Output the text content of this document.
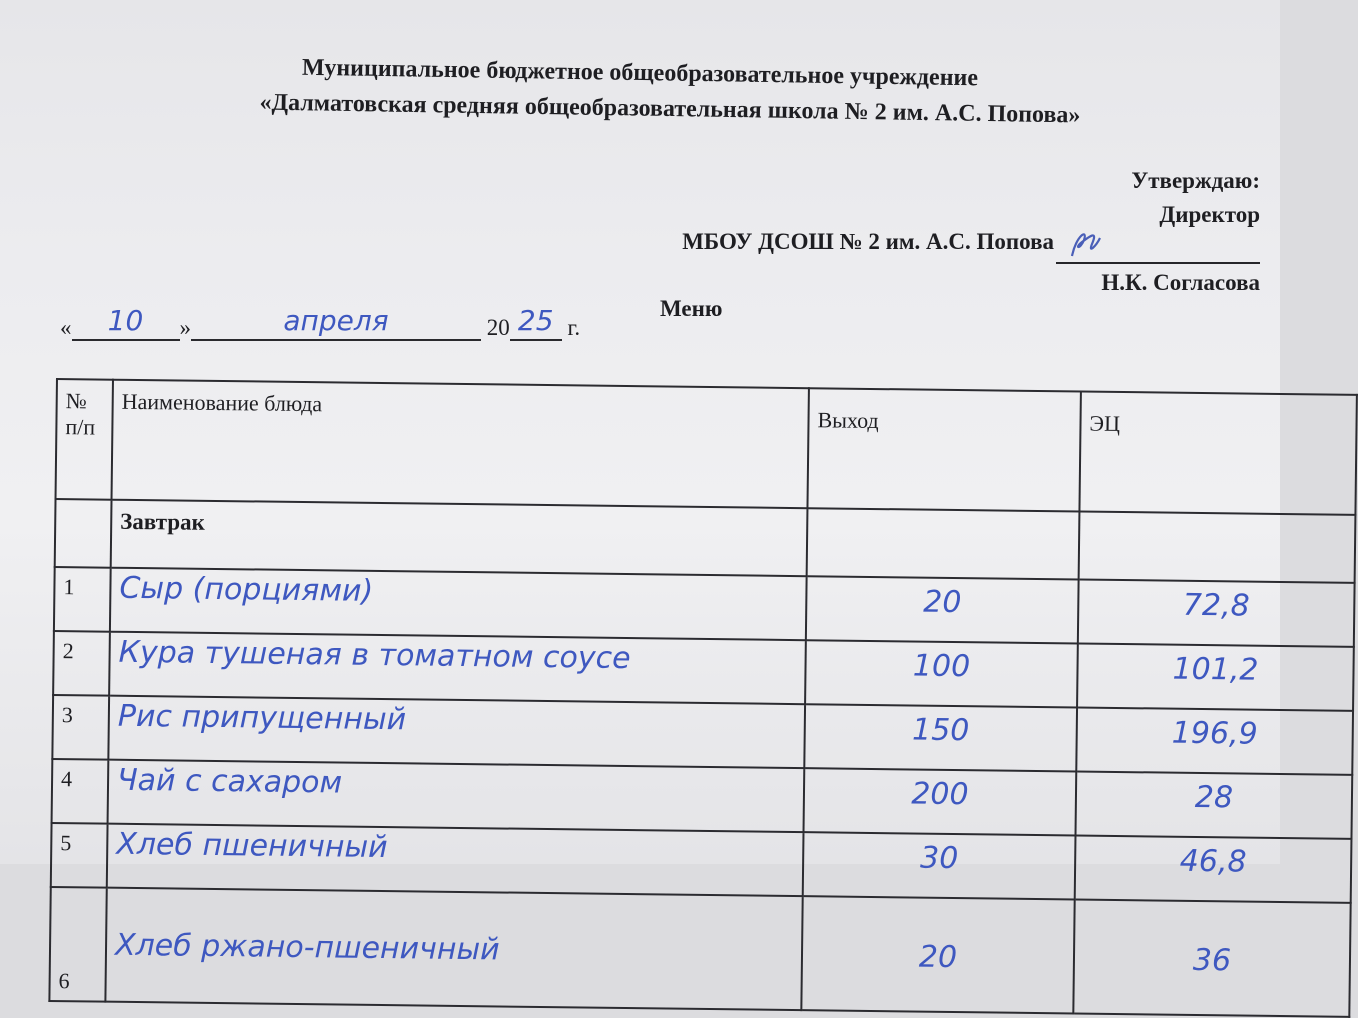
Муниципальное бюджетное общеобразовательное учреждение
«Далматовская средняя общеобразовательная школа № 2 им. А.С. Попова»
Утверждаю:
Директор
МБОУ ДСОШ № 2 им. А.С. Попова
Н.К. Согласова
Меню
«	10	»	апреля	20 25 г.
№ п/п	Наименование блюда	Выход	ЭЦ
	Завтрак		
1	Сыр (порциями)	20	72,8
2	Кура тушеная в томатном соусе	100	101,2
3	Рис припущенный	150	196,9
4	Чай с сахаром	200	28
5	Хлеб пшеничный	30	46,8
6	Хлеб ржано-пшеничный	20	36
